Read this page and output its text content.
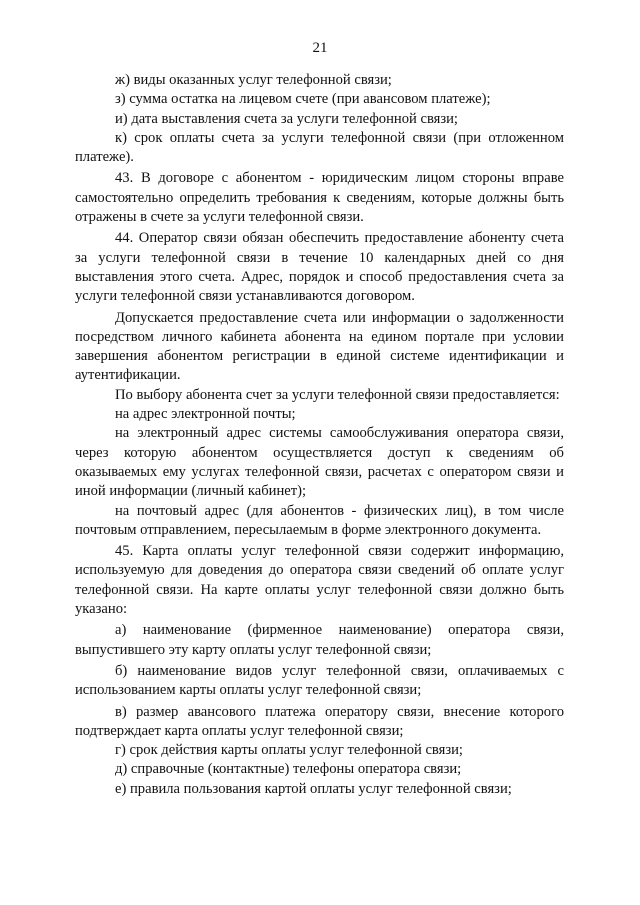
21

ж) виды оказанных услуг телефонной связи;

з) сумма остатка на лицевом счете (при авансовом платеже);

и) дата выставления счета за услуги телефонной связи;

к) срок оплаты счета за услуги телефонной связи (при отложенном платеже).

43. В договоре с абонентом - юридическим лицом стороны вправе самостоятельно определить требования к сведениям, которые должны быть отражены в счете за услуги телефонной связи.

44. Оператор связи обязан обеспечить предоставление абоненту счета за услуги телефонной связи в течение 10 календарных дней со дня выставления этого счета. Адрес, порядок и способ предоставления счета за услуги телефонной связи устанавливаются договором.

Допускается предоставление счета или информации о задолженности посредством личного кабинета абонента на едином портале при условии завершения абонентом регистрации в единой системе идентификации и аутентификации.

По выбору абонента счет за услуги телефонной связи предоставляется:

на адрес электронной почты;

на электронный адрес системы самообслуживания оператора связи, через которую абонентом осуществляется доступ к сведениям об оказываемых ему услугах телефонной связи, расчетах с оператором связи и иной информации (личный кабинет);

на почтовый адрес (для абонентов - физических лиц), в том числе почтовым отправлением, пересылаемым в форме электронного документа.

45. Карта оплаты услуг телефонной связи содержит информацию, используемую для доведения до оператора связи сведений об оплате услуг телефонной связи. На карте оплаты услуг телефонной связи должно быть указано:

а) наименование (фирменное наименование) оператора связи, выпустившего эту карту оплаты услуг телефонной связи;

б) наименование видов услуг телефонной связи, оплачиваемых с использованием карты оплаты услуг телефонной связи;

в) размер авансового платежа оператору связи, внесение которого подтверждает карта оплаты услуг телефонной связи;

г) срок действия карты оплаты услуг телефонной связи;

д) справочные (контактные) телефоны оператора связи;

е) правила пользования картой оплаты услуг телефонной связи;
